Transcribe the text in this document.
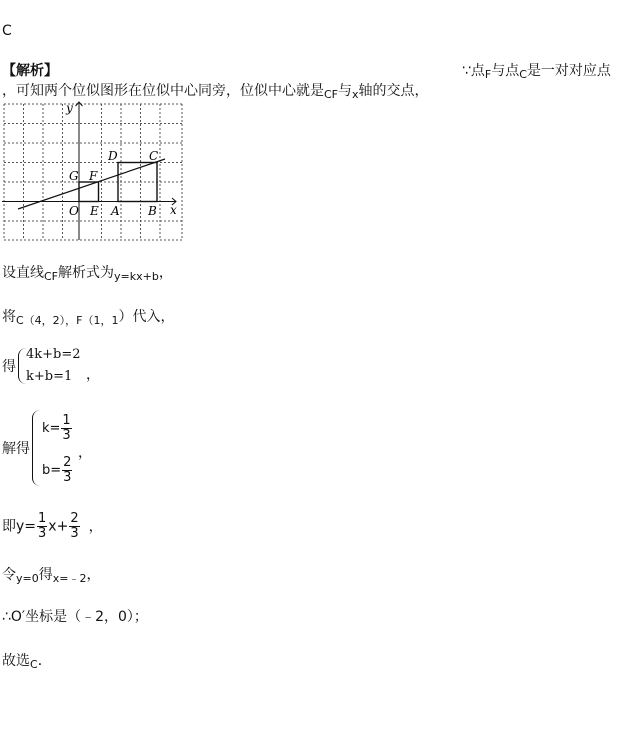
C
【解析】	∵点$_F$与点$_C$是一对对应点
，可知两个位似图形在位似中心同旁，位似中心就是$_{CF}$与$_x$轴的交点，
y
x
D	C
G F
O E A B
设直线$_{CF}$解析式为$_{y=kx+b}$，
将$_{C(4,2),F(1,1}$）代入，
得
4k+b=2
k+b=1 ，
解得
$k= \frac{1}{3}$
$b= \frac{2}{3}$
，
即$y= \frac{1}{3} x+ \frac{2}{3}$ ，
令$_{y=0}$得$_{x=﹣2}$，
∴O′坐标是（﹣2，0）；
故选$_C$．
